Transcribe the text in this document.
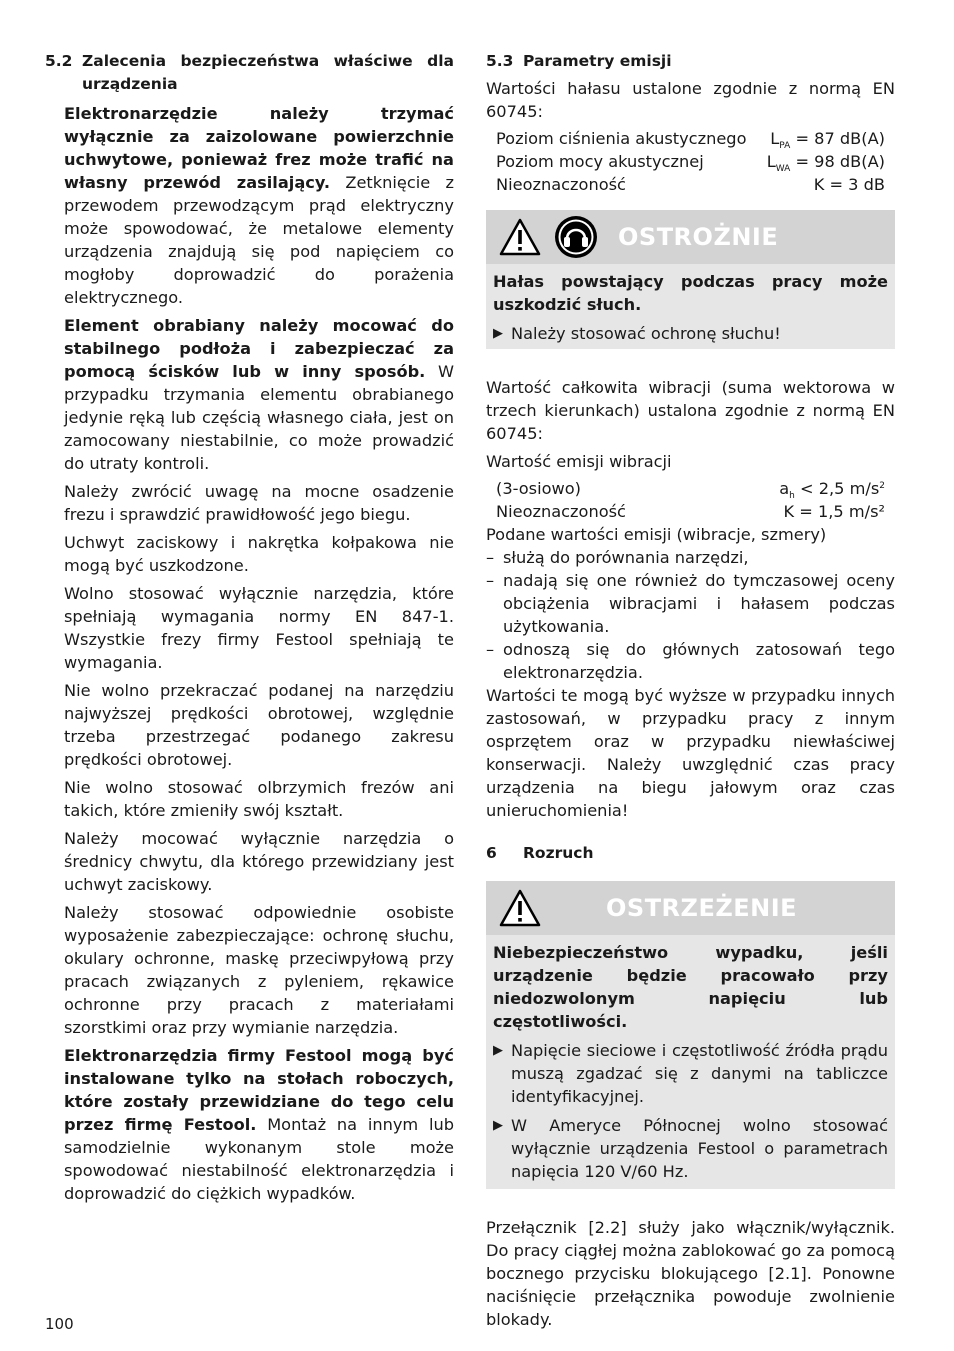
5.2 Zalecenia bezpieczeństwa właściwe dla urządzenia

Elektronarzędzie należy trzymać wyłącznie za zaizolowane powierzchnie uchwytowe, ponieważ frez może trafić na własny przewód zasilający. Zetknięcie z przewodem przewodzącym prąd elektryczny może spowodować, że metalowe elementy urządzenia znajdują się pod napięciem co mogłoby doprowadzić do porażenia elektrycznego.

Element obrabiany należy mocować do stabilnego podłoża i zabezpieczać za pomocą ścisków lub w inny sposób. W przypadku trzymania elementu obrabianego jedynie ręką lub częścią własnego ciała, jest on zamocowany niestabilnie, co może prowadzić do utraty kontroli.

Należy zwrócić uwagę na mocne osadzenie frezu i sprawdzić prawidłowość jego biegu.

Uchwyt zaciskowy i nakrętka kołpakowa nie mogą być uszkodzone.

Wolno stosować wyłącznie narzędzia, które spełniają wymagania normy EN 847-1. Wszystkie frezy firmy Festool spełniają te wymagania.

Nie wolno przekraczać podanej na narzędziu najwyższej prędkości obrotowej, względnie trzeba przestrzegać podanego zakresu prędkości obrotowej.

Nie wolno stosować olbrzymich frezów ani takich, które zmieniły swój kształt.

Należy mocować wyłącznie narzędzia o średnicy chwytu, dla którego przewidziany jest uchwyt zaciskowy.

Należy stosować odpowiednie osobiste wyposażenie zabezpieczające: ochronę słuchu, okulary ochronne, maskę przeciwpyłową przy pracach związanych z pyleniem, rękawice ochronne przy pracach z materiałami szorstkimi oraz przy wymianie narzędzia.

Elektronarzędzia firmy Festool mogą być instalowane tylko na stołach roboczych, które zostały przewidziane do tego celu przez firmę Festool. Montaż na innym lub samodzielnie wykonanym stole może spowodować niestabilność elektronarzędzia i doprowadzić do ciężkich wypadków.

5.3 Parametry emisji

Wartości hałasu ustalone zgodnie z normą EN 60745:

Poziom ciśnienia akustycznego $L_{PA} = 87$ dB(A)
Poziom mocy akustycznej	$L_{WA} = 98$ dB(A)
Nieoznaczoność	K = 3 dB
OSTROŻNIE

Hałas powstający podczas pracy może uszkodzić słuch.

▶ Należy stosować ochronę słuchu!

Wartość całkowita wibracji (suma wektorowa w trzech kierunkach) ustalona zgodnie z normą EN 60745:

Wartość emisji wibracji

(3-osiowo)	$a_h < 2,5$ $m/s^2$
Nieoznaczoność	K = 1,5 m/s²

Podane wartości emisji (wibracje, szmery)

– służą do porównania narzędzi,
– nadają się one również do tymczasowej oceny obciążenia wibracjami i hałasem podczas użytkowania.
– odnoszą się do głównych zatosowań tego elektronarzędzia.

Wartości te mogą być wyższe w przypadku innych zastosowań, w przypadku pracy z innym osprzętem oraz w przypadku niewłaściwej konserwacji. Należy uwzględnić czas pracy urządzenia na biegu jałowym oraz czas unieruchomienia!

6 Rozruch

OSTRZEŻENIE

Niebezpieczeństwo wypadku, jeśli urządzenie będzie pracowało przy niedozwolonym napięciu lub częstotliwości.

▶ Napięcie sieciowe i częstotliwość źródła prądu muszą zgadzać się z danymi na tabliczce identyfikacyjnej.
▶ W Ameryce Północnej wolno stosować wyłącznie urządzenia Festool o parametrach napięcia 120 V/60 Hz.

Przełącznik [2.2] służy jako włącznik/wyłącznik. Do pracy ciągłej można zablokować go za pomocą bocznego przycisku blokującego [2.1]. Ponowne naciśnięcie przełącznika powoduje zwolnienie blokady.

100
